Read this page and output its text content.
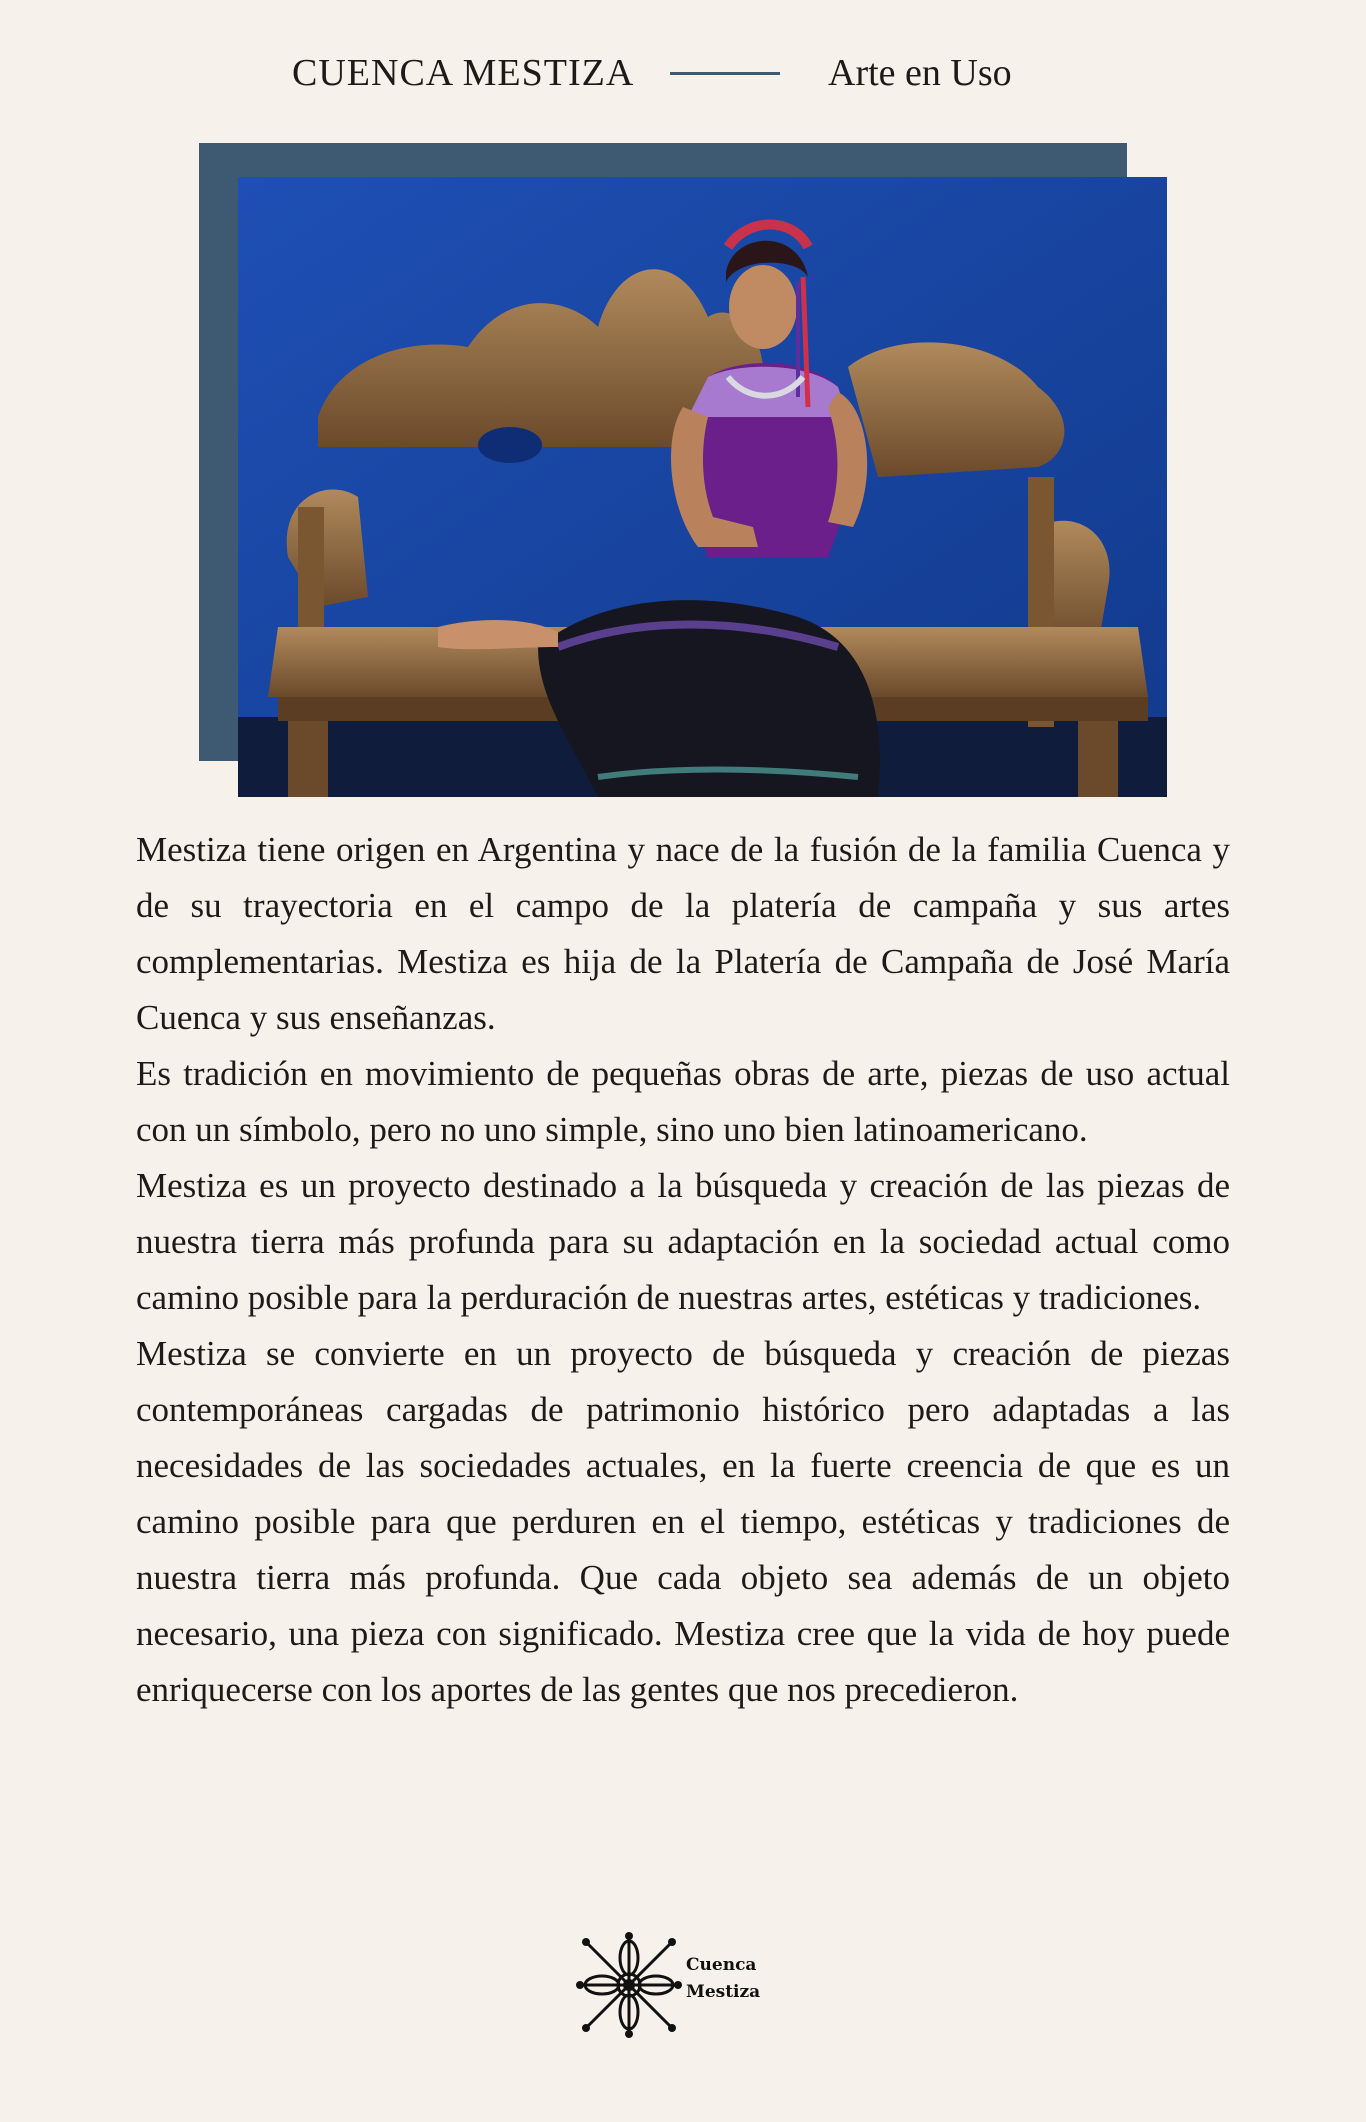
CUENCA MESTIZA	Arte en Uso

Mestiza tiene origen en Argentina y nace de la fusión de la familia Cuenca y de su trayectoria en el campo de la platería de campaña y sus artes complementarias. Mestiza es hija de la Platería de Campaña de José María Cuenca y sus enseñanzas.

Es tradición en movimiento de pequeñas obras de arte, piezas de uso actual con un símbolo, pero no uno simple, sino uno bien latinoamericano.

Mestiza es un proyecto destinado a la búsqueda y creación de las piezas de nuestra tierra más profunda para su adaptación en la sociedad actual como camino posible para la perduración de nuestras artes, estéticas y tradiciones.

Mestiza se convierte en un proyecto de búsqueda y creación de piezas contemporáneas cargadas de patrimonio histórico pero adaptadas a las necesidades de las sociedades actuales, en la fuerte creencia de que es un camino posible para que perduren en el tiempo, estéticas y tradiciones de nuestra tierra más profunda. Que cada objeto sea además de un objeto necesario, una pieza con significado. Mestiza cree que la vida de hoy puede enriquecerse con los aportes de las gentes que nos precedieron.

Cuenca
Mestiza
